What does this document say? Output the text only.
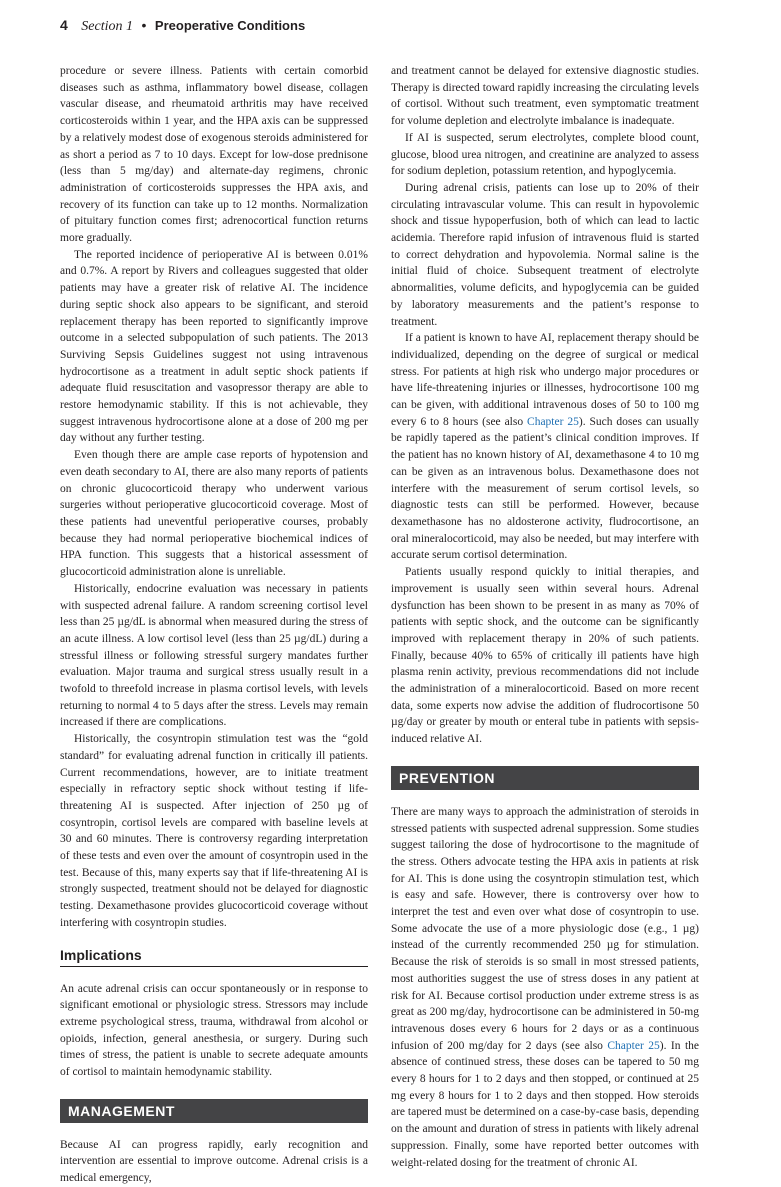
4 Section 1 • Preoperative Conditions

procedure or severe illness. Patients with certain comorbid diseases such as asthma, inflammatory bowel disease, collagen vascular disease, and rheumatoid arthritis may have received corticosteroids within 1 year, and the HPA axis can be suppressed by a relatively modest dose of exogenous steroids administered for as short a period as 7 to 10 days. Except for low-dose prednisone (less than 5 mg/day) and alternate-day regimens, chronic administration of corticosteroids suppresses the HPA axis, and recovery of its function can take up to 12 months. Normalization of pituitary function comes first; adrenocortical function returns more gradually.

The reported incidence of perioperative AI is between 0.01% and 0.7%. A report by Rivers and colleagues suggested that older patients may have a greater risk of relative AI. The incidence during septic shock also appears to be significant, and steroid replacement therapy has been reported to significantly improve outcome in a selected subpopulation of such patients. The 2013 Surviving Sepsis Guidelines suggest not using intravenous hydrocortisone as a treatment in adult septic shock patients if adequate fluid resuscitation and vasopressor therapy are able to restore hemodynamic stability. If this is not achievable, they suggest intravenous hydrocortisone alone at a dose of 200 mg per day without any further testing.

Even though there are ample case reports of hypotension and even death secondary to AI, there are also many reports of patients on chronic glucocorticoid therapy who underwent various surgeries without perioperative glucocorticoid coverage. Most of these patients had uneventful perioperative courses, probably because they had normal perioperative biochemical indices of HPA function. This suggests that a historical assessment of glucocorticoid administration alone is unreliable.

Historically, endocrine evaluation was necessary in patients with suspected adrenal failure. A random screening cortisol level less than 25 µg/dL is abnormal when measured during the stress of an acute illness. A low cortisol level (less than 25 µg/dL) during a stressful illness or following stressful surgery mandates further evaluation. Major trauma and surgical stress usually result in a twofold to threefold increase in plasma cortisol levels, with levels returning to normal 4 to 5 days after the stress. Levels may remain increased if there are complications.

Historically, the cosyntropin stimulation test was the “gold standard” for evaluating adrenal function in critically ill patients. Current recommendations, however, are to initiate treatment especially in refractory septic shock without testing if life-threatening AI is suspected. After injection of 250 µg of cosyntropin, cortisol levels are compared with baseline levels at 30 and 60 minutes. There is controversy regarding interpretation of these tests and even over the amount of cosyntropin used in the test. Because of this, many experts say that if life-threatening AI is strongly suspected, treatment should not be delayed for diagnostic testing. Dexamethasone provides glucocorticoid coverage without interfering with cosyntropin studies.

Implications

An acute adrenal crisis can occur spontaneously or in response to significant emotional or physiologic stress. Stressors may include extreme psychological stress, trauma, withdrawal from alcohol or opioids, infection, general anesthesia, or surgery. During such times of stress, the patient is unable to secrete adequate amounts of cortisol to maintain hemodynamic stability.

MANAGEMENT

Because AI can progress rapidly, early recognition and intervention are essential to improve outcome. Adrenal crisis is a medical emergency,

and treatment cannot be delayed for extensive diagnostic studies. Therapy is directed toward rapidly increasing the circulating levels of cortisol. Without such treatment, even symptomatic treatment for volume depletion and electrolyte imbalance is inadequate.

If AI is suspected, serum electrolytes, complete blood count, glucose, blood urea nitrogen, and creatinine are analyzed to assess for sodium depletion, potassium retention, and hypoglycemia.

During adrenal crisis, patients can lose up to 20% of their circulating intravascular volume. This can result in hypovolemic shock and tissue hypoperfusion, both of which can lead to lactic acidemia. Therefore rapid infusion of intravenous fluid is started to correct dehydration and hypovolemia. Normal saline is the initial fluid of choice. Subsequent treatment of electrolyte abnormalities, volume deficits, and hypoglycemia can be guided by laboratory measurements and the patient’s response to treatment.

If a patient is known to have AI, replacement therapy should be individualized, depending on the degree of surgical or medical stress. For patients at high risk who undergo major procedures or have life-threatening injuries or illnesses, hydrocortisone 100 mg can be given, with additional intravenous doses of 50 to 100 mg every 6 to 8 hours (see also Chapter 25). Such doses can usually be rapidly tapered as the patient’s clinical condition improves. If the patient has no known history of AI, dexamethasone 4 to 10 mg can be given as an intravenous bolus. Dexamethasone does not interfere with the measurement of serum cortisol levels, so diagnostic tests can still be performed. However, because dexamethasone has no aldosterone activity, fludrocortisone, an oral mineralocorticoid, may also be needed, but may interfere with accurate serum cortisol determination.

Patients usually respond quickly to initial therapies, and improvement is usually seen within several hours. Adrenal dysfunction has been shown to be present in as many as 70% of patients with septic shock, and the outcome can be significantly improved with replacement therapy in 20% of such patients. Finally, because 40% to 65% of critically ill patients have high plasma renin activity, previous recommendations did not include the administration of a mineralocorticoid. Based on more recent data, some experts now advise the addition of fludrocortisone 50 µg/day or greater by mouth or enteral tube in patients with sepsis-induced relative AI.

PREVENTION

There are many ways to approach the administration of steroids in stressed patients with suspected adrenal suppression. Some studies suggest tailoring the dose of hydrocortisone to the magnitude of the stress. Others advocate testing the HPA axis in patients at risk for AI. This is done using the cosyntropin stimulation test, which is easy and safe. However, there is controversy over how to interpret the test and even over what dose of cosyntropin to use. Some advocate the use of a more physiologic dose (e.g., 1 µg) instead of the currently recommended 250 µg for stimulation. Because the risk of steroids is so small in most stressed patients, most authorities suggest the use of stress doses in any patient at risk for AI. Because cortisol production under extreme stress is as great as 200 mg/day, hydrocortisone can be administered in 50-mg intravenous doses every 6 hours for 2 days or as a continuous infusion of 200 mg/day for 2 days (see also Chapter 25). In the absence of continued stress, these doses can be tapered to 50 mg every 8 hours for 1 to 2 days and then stopped, or continued at 25 mg every 8 hours for 1 to 2 days and then stopped. How steroids are tapered must be determined on a case-by-case basis, depending on the amount and duration of stress in patients with likely adrenal suppression. Finally, some have reported better outcomes with weight-related dosing for the treatment of chronic AI.
